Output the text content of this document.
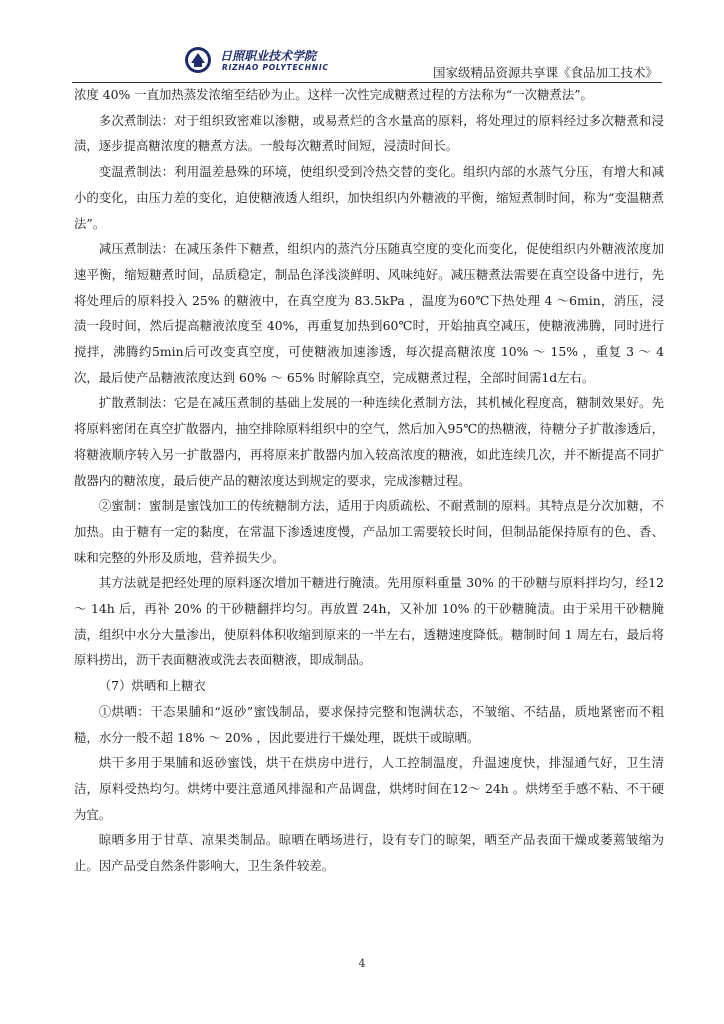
日照职业技术学院
RIZHAO POLYTECHNIC	国家级精品资源共享课《食品加工技术》

浓度 40% 一直加热蒸发浓缩至结砂为止。这样一次性完成糖煮过程的方法称为“一次糖煮法”。

多次煮制法：对于组织致密难以渗糖，或易煮烂的含水量高的原料，将处理过的原料经过多次糖煮和浸渍，逐步提高糖浓度的糖煮方法。一般每次糖煮时间短，浸渍时间长。

变温煮制法：利用温差悬殊的环境，使组织受到冷热交替的变化。组织内部的水蒸气分压，有增大和减小的变化，由压力差的变化，迫使糖液透人组织，加快组织内外糖液的平衡，缩短煮制时间，称为“变温糖煮法”。

减压煮制法：在减压条件下糖煮，组织内的蒸汽分压随真空度的变化而变化，促使组织内外糖液浓度加速平衡，缩短糖煮时间，品质稳定，制品色泽浅淡鲜明、风味纯好。减压糖煮法需要在真空设备中进行，先将处理后的原料投入 25% 的糖液中，在真空度为 83.5kPa ，温度为60℃下热处理 4 ～6min，消压，浸渍一段时间，然后提高糖液浓度至 40%，再重复加热到60℃时，开始抽真空减压，使糖液沸腾，同时进行搅拌，沸腾约5min后可改变真空度，可使糖液加速渗透，每次提高糖浓度 10% ～ 15% ，重复 3 ～ 4 次，最后使产品糖液浓度达到 60% ～ 65% 时解除真空，完成糖煮过程，全部时间需1d左右。

扩散煮制法：它是在减压煮制的基础上发展的一种连续化煮制方法，其机械化程度高，糖制效果好。先将原料密闭在真空扩散器内，抽空排除原料组织中的空气，然后加入95℃的热糖液，待糖分子扩散渗透后，将糖液顺序转入另一扩散器内，再将原来扩散器内加入较高浓度的糖液，如此连续几次，并不断提高不同扩散器内的糖浓度，最后使产品的糖浓度达到规定的要求，完成渗糖过程。

②蜜制：蜜制是蜜饯加工的传统糖制方法，适用于肉质疏松、不耐煮制的原料。其特点是分次加糖，不加热。由于糖有一定的黏度，在常温下渗透速度慢，产品加工需要较长时间，但制品能保持原有的色、香、味和完整的外形及质地，营养损失少。

其方法就是把经处理的原料逐次增加干糖进行腌渍。先用原料重量 30% 的干砂糖与原料拌均匀，经12～ 14h 后，再补 20% 的干砂糖翻拌均匀。再放置 24h，又补加 10% 的干砂糖腌渍。由于采用干砂糖腌渍，组织中水分大量渗出，使原料体积收缩到原来的一半左右，透糖速度降低。糖制时间 1 周左右，最后将原料捞出，沥干表面糖液或洗去表面糖液，即成制品。

（7）烘晒和上糖衣

①烘晒：干态果脯和“返砂”蜜饯制品，要求保持完整和饱满状态，不皱缩、不结晶，质地紧密而不粗糙，水分一般不超 18% ～ 20% ，因此要进行干燥处理，既烘干或晾晒。

烘干多用于果脯和返砂蜜饯，烘干在烘房中进行，人工控制温度，升温速度快，排湿通气好，卫生清洁，原料受热均匀。烘烤中要注意通风排湿和产品调盘，烘烤时间在12～ 24h 。烘烤至手感不粘、不干硬为宜。

晾晒多用于甘草、凉果类制品。晾晒在晒场进行，设有专门的晾架，晒至产品表面干燥或萎蔫皱缩为止。因产品受自然条件影响大，卫生条件较差。

4
